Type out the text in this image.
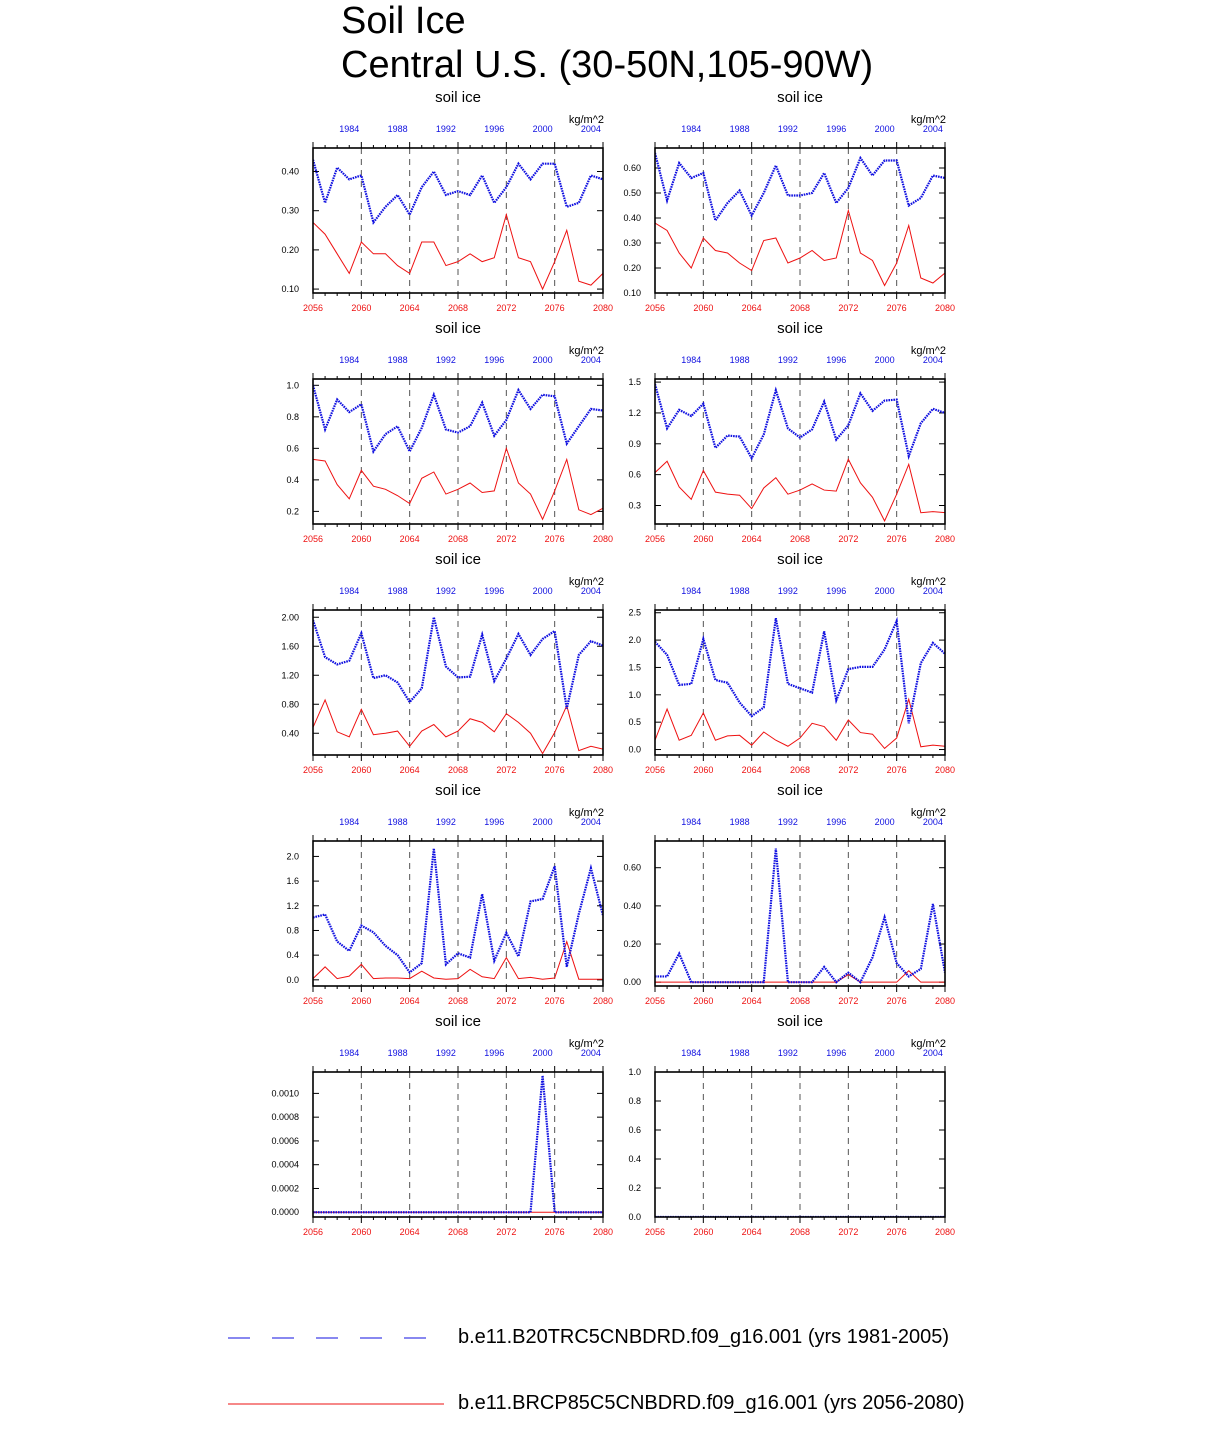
Soil Ice
Central U.S. (30-50N,105-90W)
soil ice
kg/m^2
2056	2060	2064	2068	2072	2076	2080
1984	1988	1992	1996	2000	2004
0.10
0.20
0.30
0.40
soil ice
kg/m^2
2056	2060	2064	2068	2072	2076	2080
1984	1988	1992	1996	2000	2004
0.10
0.20
0.30
0.40
0.50
0.60
soil ice
kg/m^2
2056	2060	2064	2068	2072	2076	2080
1984	1988	1992	1996	2000	2004
0.2
0.4
0.6
0.8
1.0
soil ice
kg/m^2
2056	2060	2064	2068	2072	2076	2080
1984	1988	1992	1996	2000	2004
0.3
0.6
0.9
1.2
1.5
soil ice
kg/m^2
2056	2060	2064	2068	2072	2076	2080
1984	1988	1992	1996	2000	2004
0.40
0.80
1.20
1.60
2.00
soil ice
kg/m^2
2056	2060	2064	2068	2072	2076	2080
1984	1988	1992	1996	2000	2004
0.0
0.5
1.0
1.5
2.0
2.5
soil ice
kg/m^2
2056	2060	2064	2068	2072	2076	2080
1984	1988	1992	1996	2000	2004
0.0
0.4
0.8
1.2
1.6
2.0
soil ice
kg/m^2
2056	2060	2064	2068	2072	2076	2080
1984	1988	1992	1996	2000	2004
0.00
0.20
0.40
0.60
soil ice
kg/m^2
2056	2060	2064	2068	2072	2076	2080
1984	1988	1992	1996	2000	2004
0.0000
0.0002
0.0004
0.0006
0.0008
0.0010
soil ice
kg/m^2
2056	2060	2064	2068	2072	2076	2080
1984	1988	1992	1996	2000	2004
0.0
0.2
0.4
0.6
0.8
1.0
b.e11.B20TRC5CNBDRD.f09_g16.001 (yrs 1981-2005)
b.e11.BRCP85C5CNBDRD.f09_g16.001 (yrs 2056-2080)
